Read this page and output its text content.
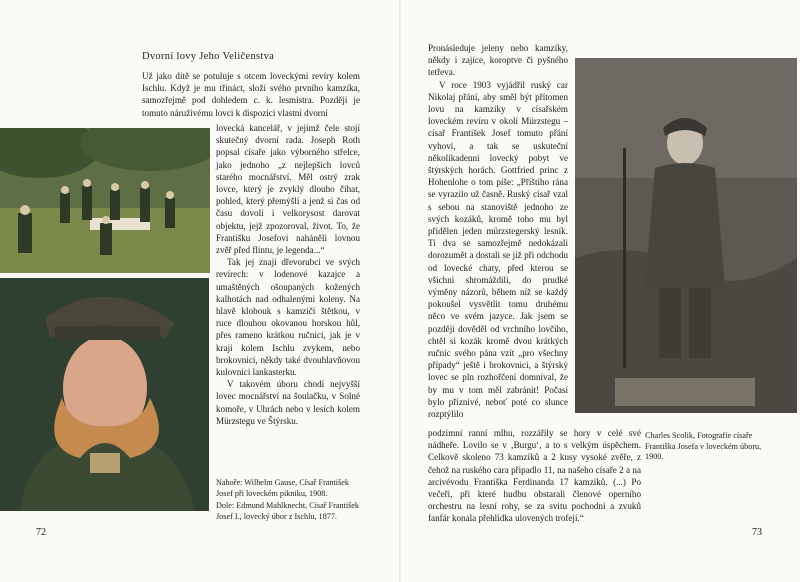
Dvorní lovy Jeho Veličenstva

Už jako dítě se potuluje s otcem loveckými revíry kolem Ischlu. Když je mu třináct, složí svého prvního kamzíka, samozřejmě pod dohledem c. k. lesmistra. Později je tomuto náruživému lovci k dispozici vlastní dvorní

lovecká kancelář, v jejímž čele stojí skutečný dvorní rada. Joseph Roth popsal císaře jako výborného střelce, jako jednoho „z nejlepších lovců starého mocnářství. Měl ostrý zrak lovce, který je zvyklý dlouho číhat, pohled, který přemýšlí a jenž si čas od času dovolí i velkorysost darovat objektu, jejž zpozoroval, život. To, že Františku Josefovi naháněli lovnou zvěř před flintu, je legenda...“

Tak jej znají dřevorubci ve svých revírech: v lodenové kazajce a umaštěných ošoupaných kožených kalhotách nad odhalenými koleny. Na hlavě klobouk s kamzičí štětkou, v ruce dlouhou okovanou horskou hůl, přes rameno krátkou ručnici, jak je v kraji kolem Ischlu zvykem, nebo brokovnici, někdy také dvouhlavňovou kulovnici lankasterku.

V takovém úboru chodí nejvyšší lovec mocnářství na šoulačku, v Solné komoře, v Uhrách nebo v lesích kolem Mürzstegu ve Štýrsku.

Nahoře: Wilhelm Gause, Císař František Josef při loveckém pikniku, 1908.
Dole: Edmund Mahlknecht, Císař František Josef I., lovecký úbor z Ischlu, 1877.
72

Pronásleduje jeleny nebo kamzíky, někdy i zajíce, koroptve či pyšného tetřeva.

V roce 1903 vyjádřil ruský car Nikolaj přání, aby směl být přítomen lovu na kamzíky v císařském loveckém revíru v okolí Mürzstegu – císař František Josef tomuto přání vyhoví, a tak se uskuteční několikadenní lovecký pobyt ve štýrských horách. Gottfried princ z Hohenlohe o tom píše: „Příštího rána se vyrazilo už časně. Ruský císař vzal s sebou na stanoviště jednoho ze svých kozáků, kromě toho mu byl přidělen jeden mürzstegerský lesník. Ti dva se samozřejmě nedokázali dorozumět a dostali se již při odchodu od lovecké chaty, před kterou se všichni shromáždili, do prudké výměny názorů, během níž se každý pokoušel vysvětlit tomu druhému něco ve svém jazyce. Jak jsem se později dověděl od vrchního lovčího, chtěl si kozák kromě dvou krátkých ručnic svého pána vzít „pro všechny případy“ ještě i brokovnici, a štýrský lovec se pln rozhořčení domníval, že by mu v tom měl zabránit! Počasí bylo příznivé, neboť poté co slunce rozptýlilo

podzimní ranní mlhu, rozzářily se hory v celé své nádheře. Lovilo se v ‚Burgu‘, a to s velkým úspěchem. Celkově skoleno 73 kamzíků a 2 kusy vysoké zvěře, z čehož na ruského cara připadlo 11, na našeho císaře 2 a na arcivévodu Františka Ferdinanda 17 kamzíků. (...) Po večeři, při které hudbu obstarali členové operního orchestru na lesní rohy, se za svitu pochodní a zvuků fanfár konala přehlídka ulovených trofejí.“

Charles Scolik, Fotografie císaře Františka Josefa v loveckém úboru, 1900.
73
